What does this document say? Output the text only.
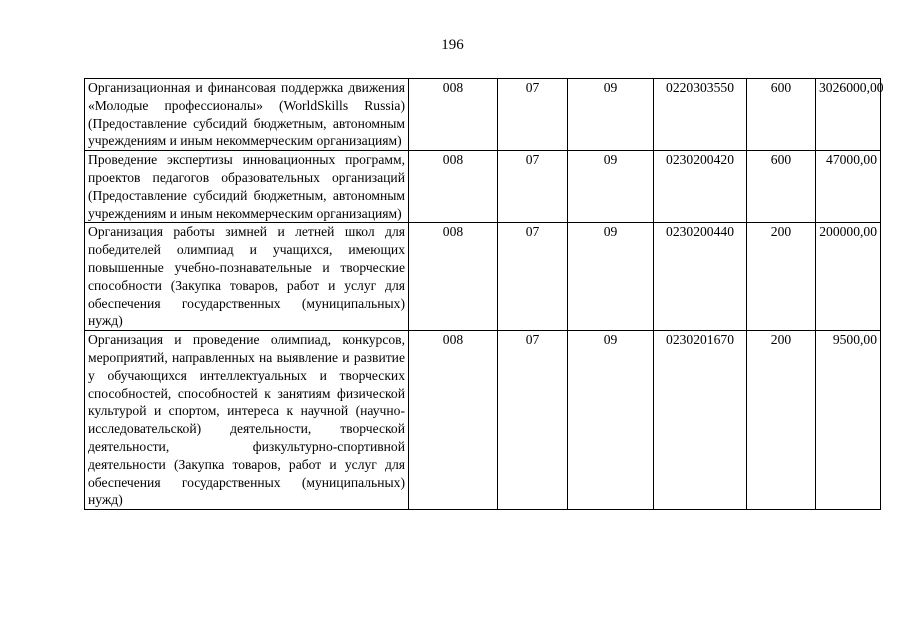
196
Организационная и финансовая поддержка движения «Молодые профессионалы» (WorldSkills Russia) (Предоставление субсидий бюджетным, автономным учреждениям и иным некоммерческим организациям)	008	07	09	0220303550	600	3026000,00
Проведение экспертизы инновационных программ, проектов педагогов образовательных организаций (Предоставление субсидий бюджетным, автономным учреждениям и иным некоммерческим организациям)	008	07	09	0230200420	600	47000,00
Организация работы зимней и летней школ для победителей олимпиад и учащихся, имеющих повышенные учебно-познавательные и творческие способности (Закупка товаров, работ и услуг для обеспечения государственных (муниципальных) нужд)	008	07	09	0230200440	200	200000,00
Организация и проведение олимпиад, конкурсов, мероприятий, направленных на выявление и развитие у обучающихся интеллектуальных и творческих способностей, способностей к занятиям физической культурой и спортом, интереса к научной (научно-исследовательской) деятельности, творческой деятельности, физкультурно-спортивной деятельности (Закупка товаров, работ и услуг для обеспечения государственных (муниципальных) нужд)	008	07	09	0230201670	200	9500,00
